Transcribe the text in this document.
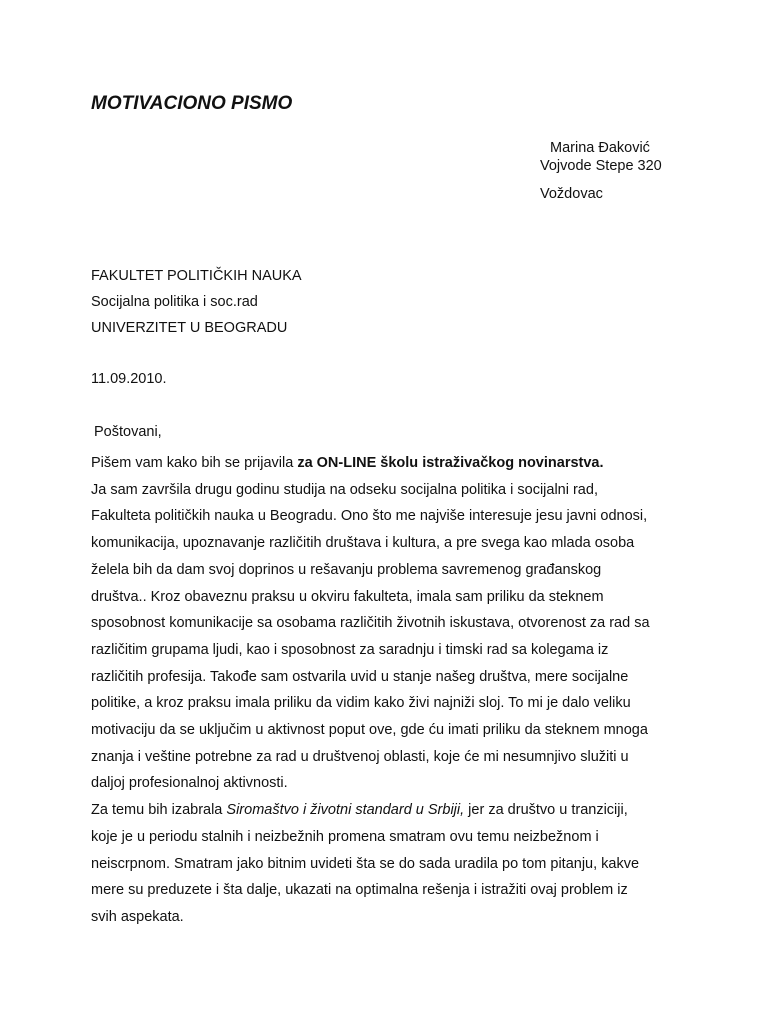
MOTIVACIONO PISMO
Marina Đaković
Vojvode Stepe 320
Voždovac
FAKULTET POLITIČKIH NAUKA
Socijalna politika i soc.rad
UNIVERZITET U BEOGRADU
11.09.2010.
Poštovani,
Pišem vam kako bih se prijavila za ON-LINE školu istraživačkog novinarstva.
Ja sam završila drugu godinu studija na odseku socijalna politika i socijalni rad,
Fakulteta političkih nauka u Beogradu. Ono što me najviše interesuje jesu javni odnosi,
komunikacija, upoznavanje različitih društava i kultura, a pre svega kao mlada osoba
želela bih da dam svoj doprinos u rešavanju problema savremenog građanskog
društva.. Kroz obaveznu praksu u okviru fakulteta, imala sam priliku da steknem
sposobnost komunikacije sa osobama različitih životnih iskustava, otvorenost za rad sa
različitim grupama ljudi, kao i sposobnost za saradnju i timski rad sa kolegama iz
različitih profesija. Takođe sam ostvarila uvid u stanje našeg društva, mere socijalne
politike, a kroz praksu imala priliku da vidim kako živi najniži sloj. To mi je dalo veliku
motivaciju da se uključim u aktivnost poput ove, gde ću imati priliku da steknem mnoga
znanja i veštine potrebne za rad u društvenoj oblasti, koje će mi nesumnjivo služiti u
daljoj profesionalnoj aktivnosti.
Za temu bih izabrala Siromaštvo i životni standard u Srbiji, jer za društvo u tranziciji,
koje je u periodu stalnih i neizbežnih promena smatram ovu temu neizbežnom i
neiscrpnom. Smatram jako bitnim uvideti šta se do sada uradila po tom pitanju, kakve
mere su preduzete i šta dalje, ukazati na optimalna rešenja i istražiti ovaj problem iz
svih aspekata.
